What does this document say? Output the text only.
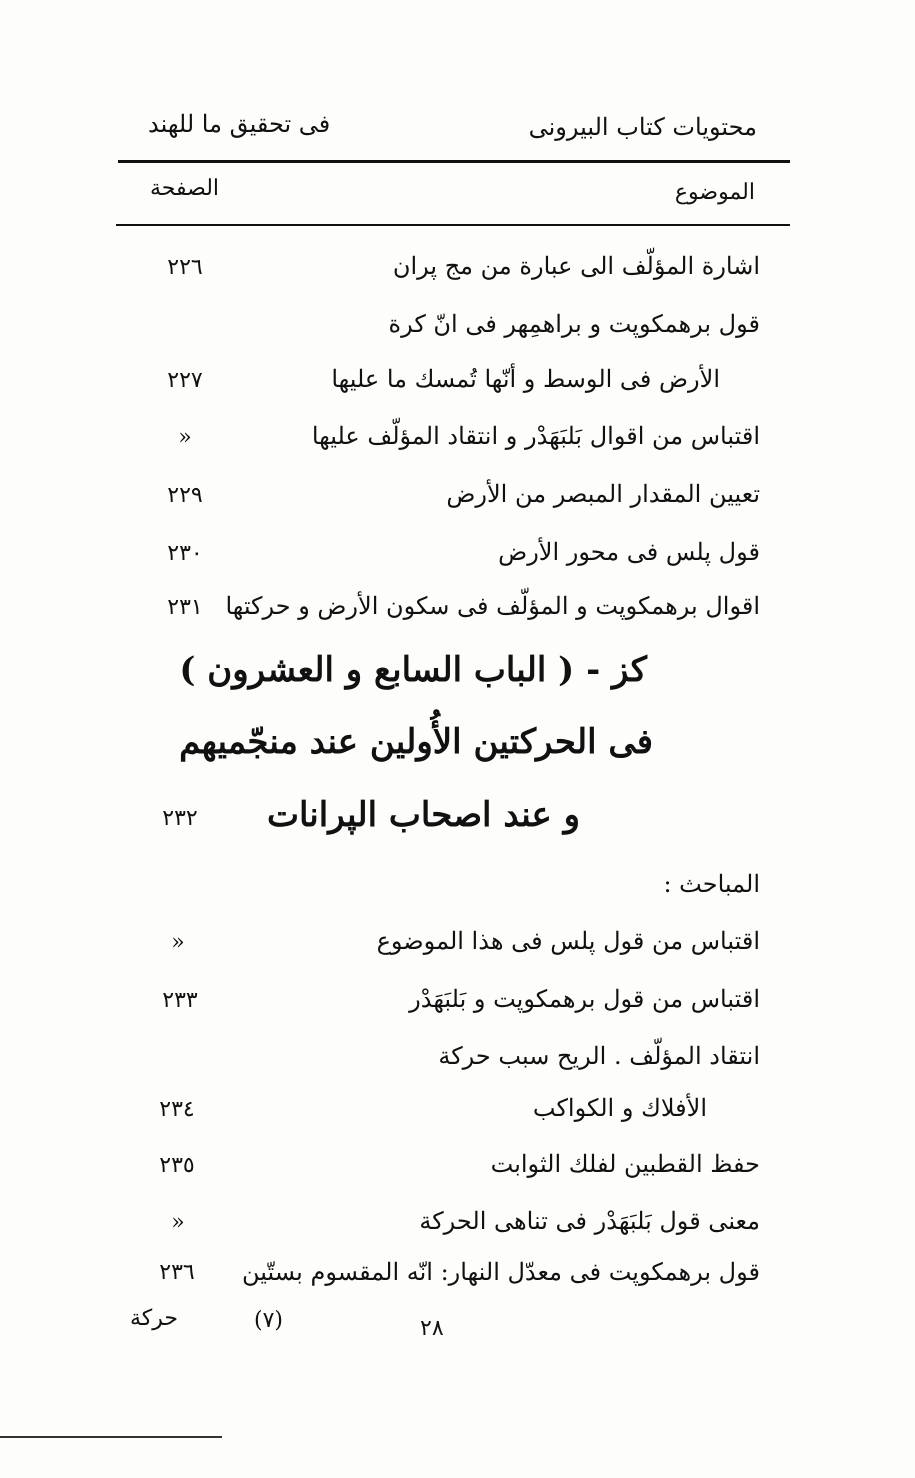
محتويات كتاب البيرونى
فى تحقيق ما للهند
الموضوع
الصفحة
اشارة المؤلّف الى عبارة من مج پران
٢٢٦
قول برهمكوپت و براهمِهر فى انّ كرة
الأرض فى الوسط و أنّها تُمسك ما عليها
٢٢٧
اقتباس من اقوال بَلبَهَدْر و انتقاد المؤلّف عليها
»
تعيين المقدار المبصر من الأرض
٢٢٩
قول پلس فى محور الأرض
٢٣٠
اقوال برهمكوپت و المؤلّف فى سكون الأرض و حركتها
٢٣١
كز - ( الباب السابع و العشرون )
فى الحركتين الأُولين عند منجّميهم
و عند اصحاب الپرانات
٢٣٢
المباحث :
اقتباس من قول پلس فى هذا الموضوع
»
اقتباس من قول برهمكوپت و بَلبَهَدْر
٢٣٣
انتقاد المؤلّف . الريح سبب حركة
الأفلاك و الكواكب
٢٣٤
حفظ القطبين لفلك الثوابت
٢٣٥
معنى قول بَلبَهَدْر فى تناهى الحركة
»
قول برهمكوپت فى معدّل النهار: انّه المقسوم بستّين
٢٣٦
حركة	(٧)	٢٨
